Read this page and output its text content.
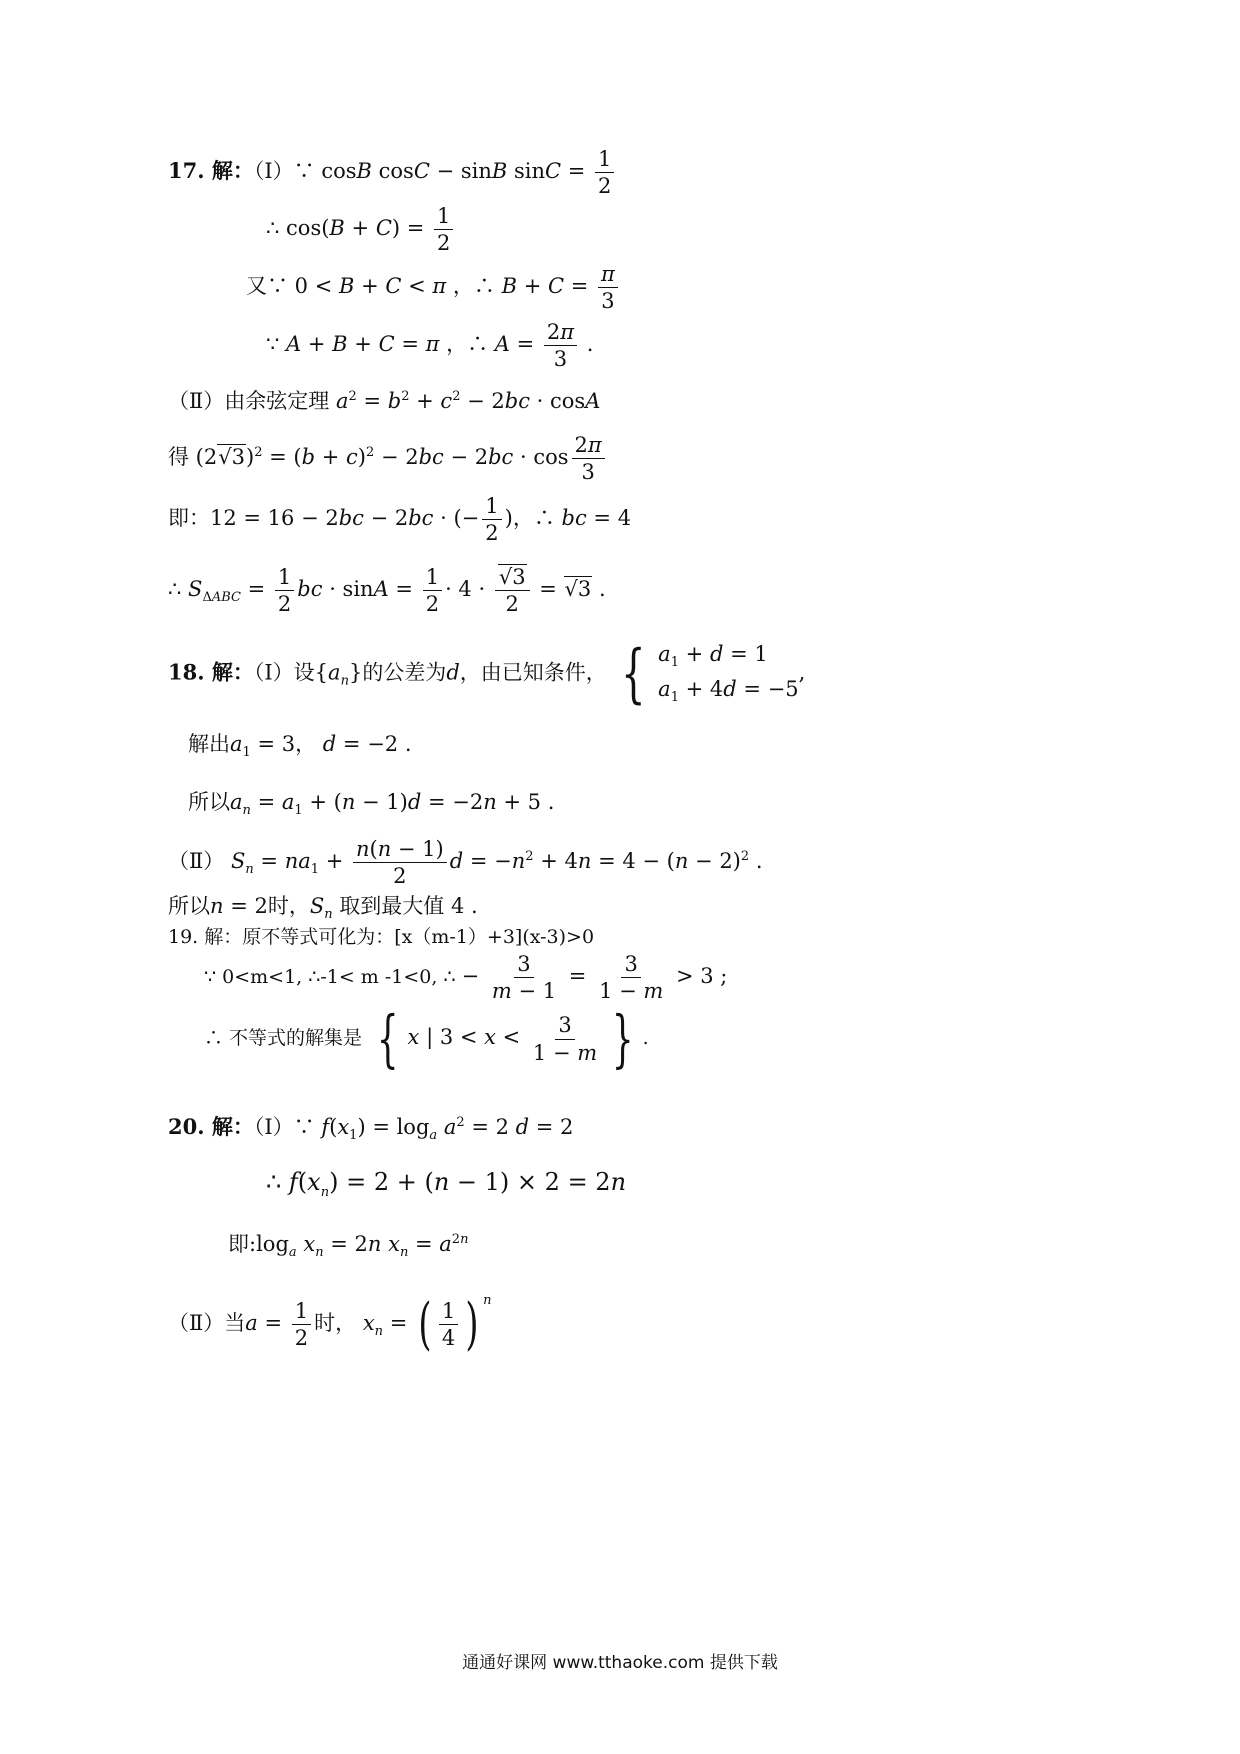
17. 解：（Ⅰ）∵ cosB cosC − sinB $\sin C = \frac{1}{2}$
∴ $\cos(B + C) = \frac{1}{2}$
又∵ 0 < B + C < π ，∴ $B + C = \frac{\pi}{3}$
∵ A + B + C = π ，∴ $A = \frac{2\pi}{3}$ .
（Ⅱ）由余弦定理 $a^2 = b^2 + c^2 - 2bc \cdot \cos A$
得 $(2√3)^2 = (b + c)^2 - 2bc - 2bc \cdot \cos \frac{2\pi}{3}$
即：12 = 16 − 2bc − 2bc · (− $\frac{1}{2}$ )，∴ bc = 4
∴ $S_{\Delta ABC} = \frac{1}{2}$ bc · $\sin A = \frac{1}{2} \cdot 4 \cdot \frac{√3}{2} = √3$ .
18. 解：（Ⅰ）设$\{a_n\}$的公差为d，由已知条件， { $a_1 + d = 1$
$a_1 + 4d = -5$
,
解出$a_1 = 3$， d = −2 .
所以$a_n = a_1 + (n - 1)d = -2n + 5$ .
（Ⅱ） $S_n = na_1 + \frac{n(n - 1)}{2}$ $d = -n^2 + 4n = 4 - (n - 2)^2$ .
所以n = 2时，$S_n$ 取到最大值 4 .
19. 解：原不等式可化为：[x（m-1）+3](x-3)>0
∵ 0<m<1, ∴-1< m -1<0, ∴ − $\frac{3}{m - 1} = \frac{3}{1 - m} > 3$ ;
∴ 不等式的解集是 { x | $3 < x < \frac{3}{1 - m}$ } .
20. 解：（Ⅰ）∵ $f(x_1) = \log_a a^2 = 2$ d = 2
∴ $f(x_n) = 2 + (n - 1) \times 2 = 2n$
即$:\log_a$ $x_n = 2n$ $x_n = a^{2n}$
（Ⅱ）当$a = \frac{1}{2}$ 时， $x_n$ = ( $\frac{1}{4}$ ) $^n$
通通好课网 www.tthaoke.com 提供下载
